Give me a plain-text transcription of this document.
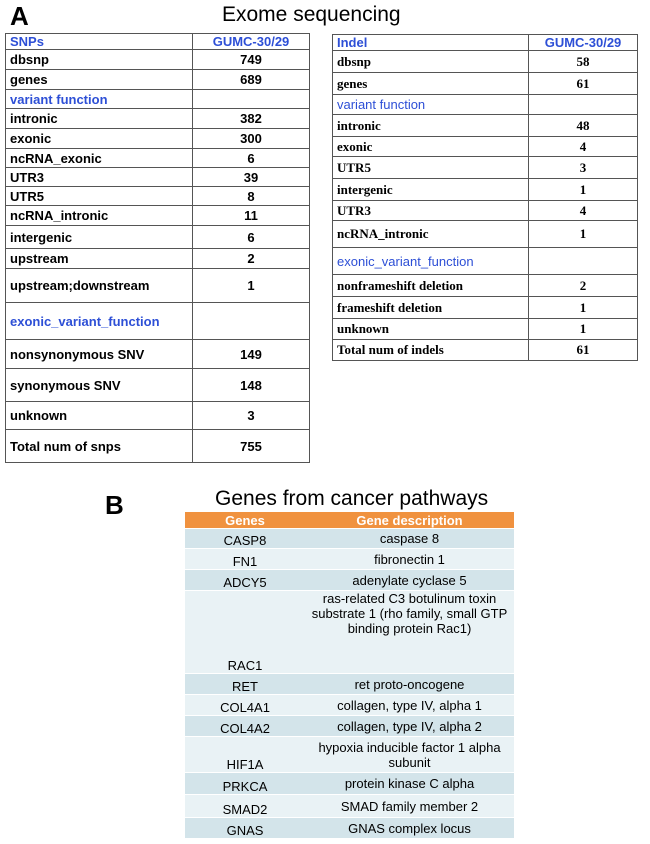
A	Exome sequencing
SNPs	GUMC-30/29
dbsnp	749
genes	689
variant function	
intronic	382
exonic	300
ncRNA_exonic	6
UTR3	39
UTR5	8
ncRNA_intronic	11
intergenic	6
upstream	2
upstream;downstream	1
exonic_variant_function	
nonsynonymous SNV	149
synonymous SNV	148
unknown	3
Total num of snps	755
Indel	GUMC-30/29
dbsnp	58
genes	61
variant function	
intronic	48
exonic	4
UTR5	3
intergenic	1
UTR3	4
ncRNA_intronic	1
exonic_variant_function	
nonframeshift deletion	2
frameshift deletion	1
unknown	1
Total num of indels	61
B	Genes from cancer pathways
Genes	Gene description
CASP8	caspase 8
FN1	fibronectin 1
ADCY5	adenylate cyclase 5
RAC1	ras-related C3 botulinum toxin substrate 1 (rho family, small GTP binding protein Rac1)
RET	ret proto-oncogene
COL4A1	collagen, type IV, alpha 1
COL4A2	collagen, type IV, alpha 2
HIF1A	hypoxia inducible factor 1 alpha subunit
PRKCA	protein kinase C alpha
SMAD2	SMAD family member 2
GNAS	GNAS complex locus
